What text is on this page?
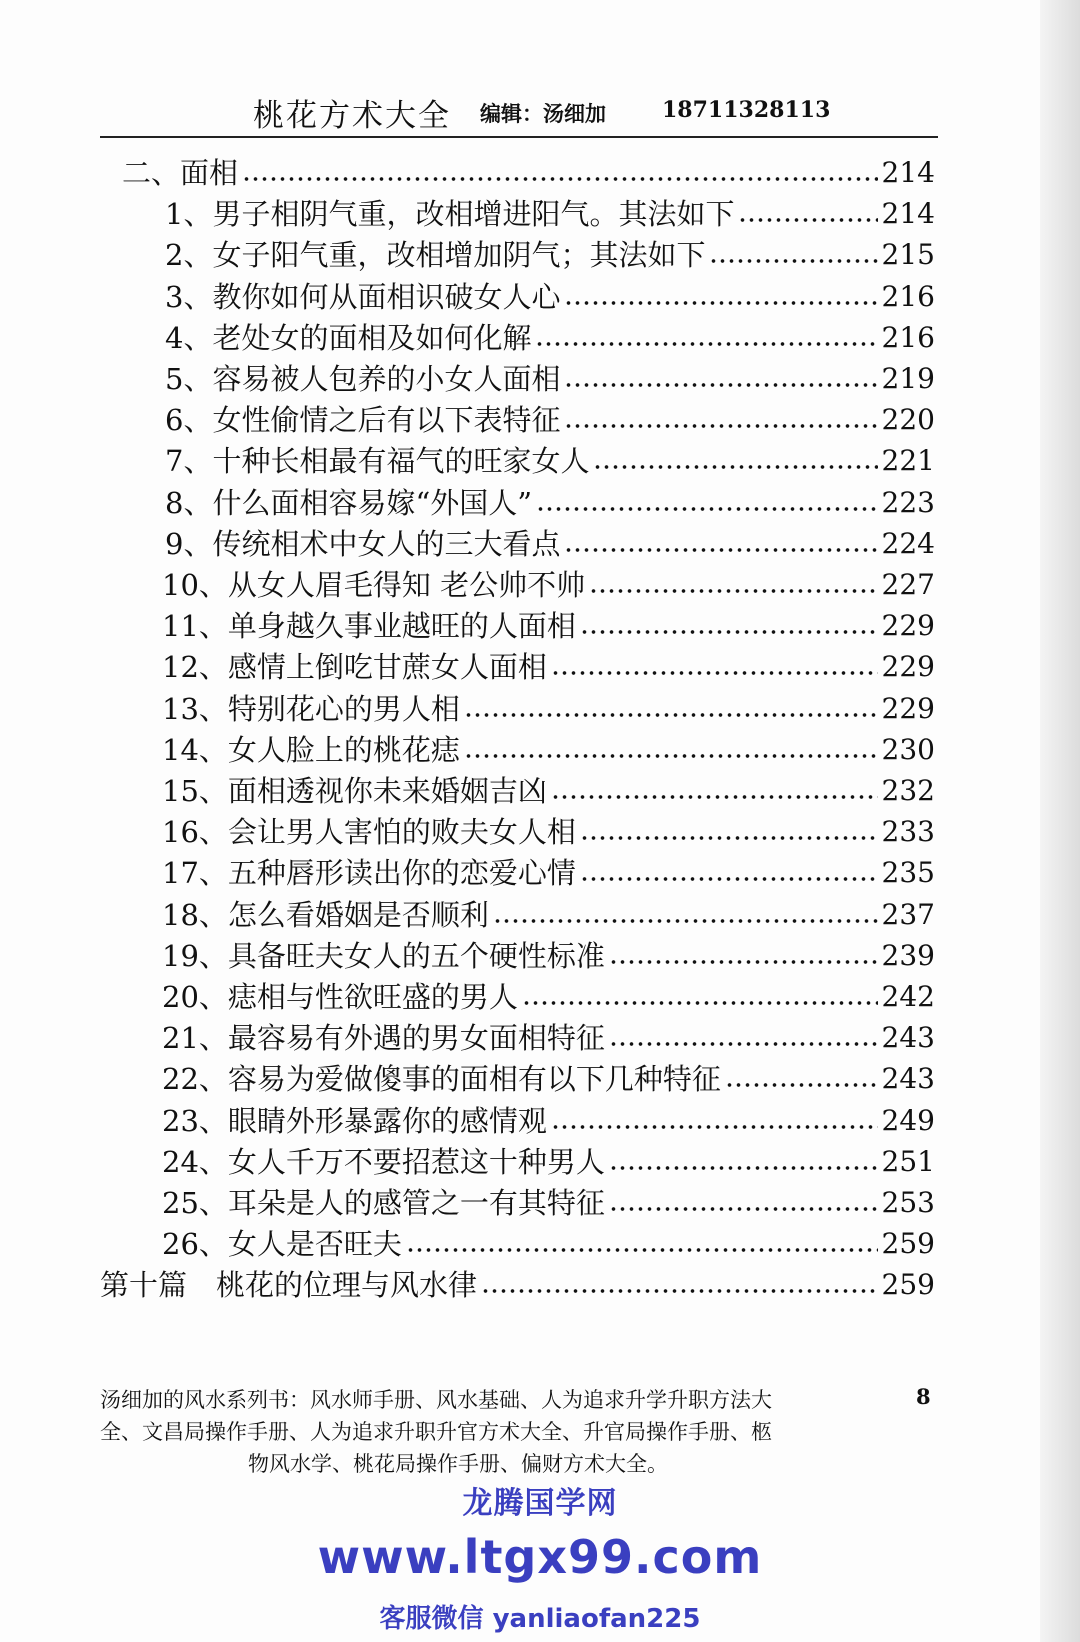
桃花方术大全 编辑：汤细加	18711328113
二、面相	214
1、男子相阴气重，改相增进阳气。其法如下	214
2、女子阳气重，改相增加阴气；其法如下	215
3、教你如何从面相识破女人心	216
4、老处女的面相及如何化解	216
5、容易被人包养的小女人面相	219
6、女性偷情之后有以下表特征	220
7、十种长相最有福气的旺家女人	221
8、什么面相容易嫁“外国人”	223
9、传统相术中女人的三大看点	224
10、从女人眉毛得知 老公帅不帅	227
11、单身越久事业越旺的人面相	229
12、感情上倒吃甘蔗女人面相	229
13、特别花心的男人相	229
14、女人脸上的桃花痣	230
15、面相透视你未来婚姻吉凶	232
16、会让男人害怕的败夫女人相	233
17、五种唇形读出你的恋爱心情	235
18、怎么看婚姻是否顺利	237
19、具备旺夫女人的五个硬性标准	239
20、痣相与性欲旺盛的男人	242
21、最容易有外遇的男女面相特征	243
22、容易为爱做傻事的面相有以下几种特征	243
23、眼睛外形暴露你的感情观	249
24、女人千万不要招惹这十种男人	251
25、耳朵是人的感管之一有其特征	253
26、女人是否旺夫	259
第十篇　桃花的位理与风水律	259
汤细加的风水系列书：风水师手册、风水基础、人为追求升学升职方法大
全、文昌局操作手册、人为追求升职升官方术大全、升官局操作手册、柩
物风水学、桃花局操作手册、偏财方术大全。
8
龙腾国学网
www.ltgx99.com
客服微信 yanliaofan225
